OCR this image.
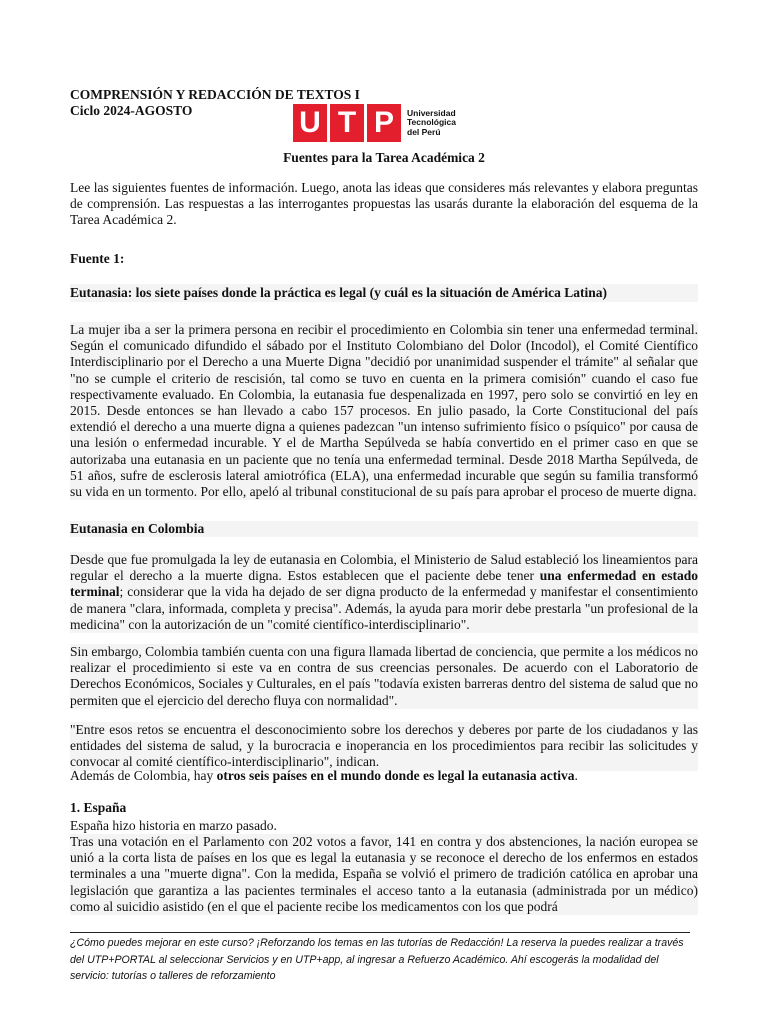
COMPRENSIÓN Y REDACCIÓN DE TEXTOS I
Ciclo 2024-AGOSTO	U T P	Universidad
Tecnológica
del Perú
Fuentes para la Tarea Académica 2
Lee las siguientes fuentes de información. Luego, anota las ideas que consideres más relevantes y elabora preguntas de comprensión. Las respuestas a las interrogantes propuestas las usarás durante la elaboración del esquema de la Tarea Académica 2.
Fuente 1:
Eutanasia: los siete países donde la práctica es legal (y cuál es la situación de América Latina)
La mujer iba a ser la primera persona en recibir el procedimiento en Colombia sin tener una enfermedad terminal. Según el comunicado difundido el sábado por el Instituto Colombiano del Dolor (Incodol), el Comité Científico Interdisciplinario por el Derecho a una Muerte Digna "decidió por unanimidad suspender el trámite" al señalar que "no se cumple el criterio de rescisión, tal como se tuvo en cuenta en la primera comisión" cuando el caso fue respectivamente evaluado. En Colombia, la eutanasia fue despenalizada en 1997, pero solo se convirtió en ley en 2015. Desde entonces se han llevado a cabo 157 procesos. En julio pasado, la Corte Constitucional del país extendió el derecho a una muerte digna a quienes padezcan "un intenso sufrimiento físico o psíquico" por causa de una lesión o enfermedad incurable. Y el de Martha Sepúlveda se había convertido en el primer caso en que se autorizaba una eutanasia en un paciente que no tenía una enfermedad terminal. Desde 2018 Martha Sepúlveda, de 51 años, sufre de esclerosis lateral amiotrófica (ELA), una enfermedad incurable que según su familia transformó su vida en un tormento. Por ello, apeló al tribunal constitucional de su país para aprobar el proceso de muerte digna.
Eutanasia en Colombia
Desde que fue promulgada la ley de eutanasia en Colombia, el Ministerio de Salud estableció los lineamientos para regular el derecho a la muerte digna. Estos establecen que el paciente debe tener una enfermedad en estado terminal; considerar que la vida ha dejado de ser digna producto de la enfermedad y manifestar el consentimiento de manera "clara, informada, completa y precisa". Además, la ayuda para morir debe prestarla "un profesional de la medicina" con la autorización de un "comité científico-interdisciplinario".
Sin embargo, Colombia también cuenta con una figura llamada libertad de conciencia, que permite a los médicos no realizar el procedimiento si este va en contra de sus creencias personales. De acuerdo con el Laboratorio de Derechos Económicos, Sociales y Culturales, en el país "todavía existen barreras dentro del sistema de salud que no permiten que el ejercicio del derecho fluya con normalidad".
"Entre esos retos se encuentra el desconocimiento sobre los derechos y deberes por parte de los ciudadanos y las entidades del sistema de salud, y la burocracia e inoperancia en los procedimientos para recibir las solicitudes y convocar al comité científico-interdisciplinario", indican.
Además de Colombia, hay otros seis países en el mundo donde es legal la eutanasia activa.
1. España
España hizo historia en marzo pasado.
Tras una votación en el Parlamento con 202 votos a favor, 141 en contra y dos abstenciones, la nación europea se unió a la corta lista de países en los que es legal la eutanasia y se reconoce el derecho de los enfermos en estados terminales a una "muerte digna". Con la medida, España se volvió el primero de tradición católica en aprobar una legislación que garantiza a las pacientes terminales el acceso tanto a la eutanasia (administrada por un médico) como al suicidio asistido (en el que el paciente recibe los medicamentos con los que podrá
¿Cómo puedes mejorar en este curso? ¡Reforzando los temas en las tutorías de Redacción! La reserva la puedes realizar a través del UTP+PORTAL al seleccionar Servicios y en UTP+app, al ingresar a Refuerzo Académico. Ahí escogerás la modalidad del servicio: tutorías o talleres de reforzamiento
